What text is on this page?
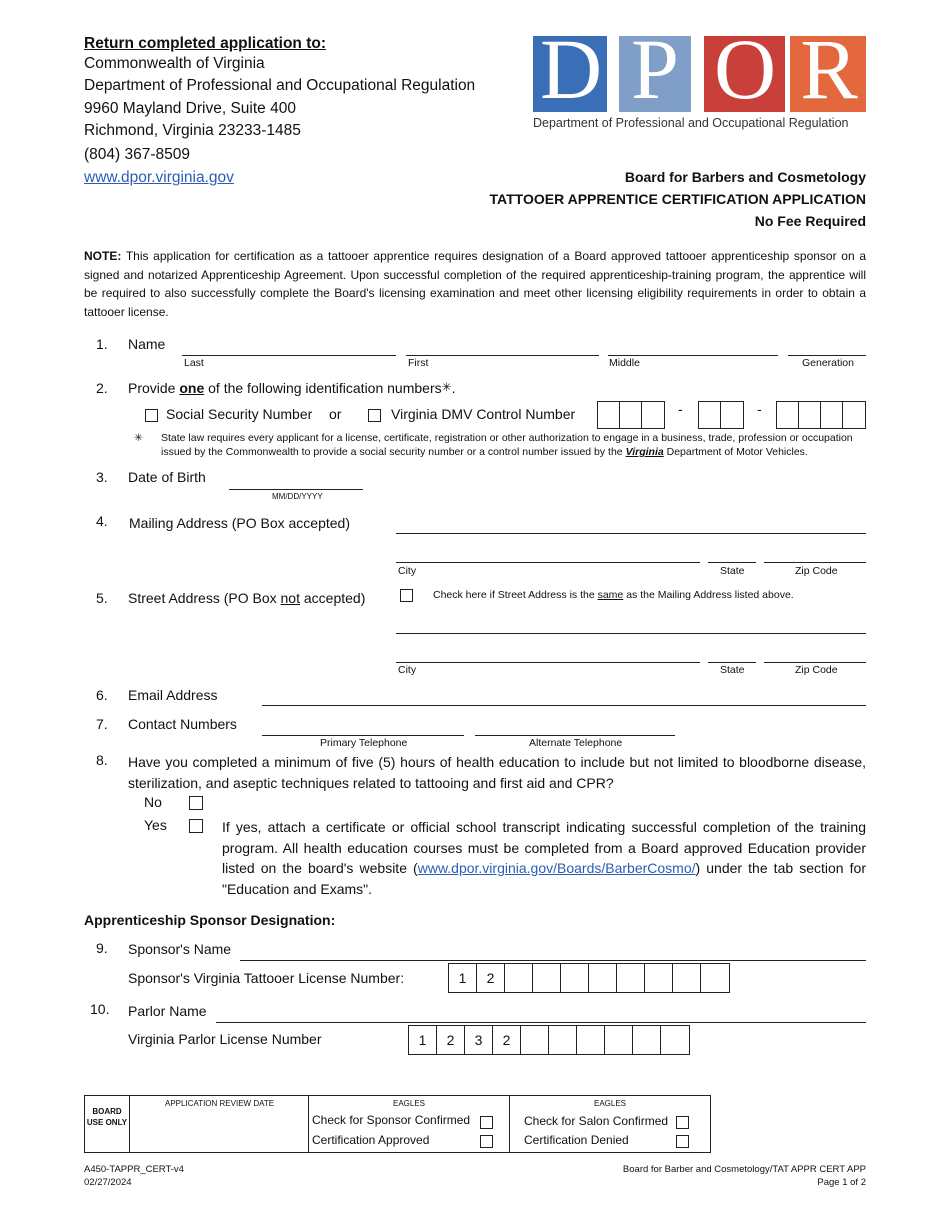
Return completed application to:
Commonwealth of Virginia
Department of Professional and Occupational Regulation
9960 Mayland Drive, Suite 400
Richmond, Virginia 23233-1485
(804) 367-8509
www.dpor.virginia.gov
D P O R
Department of Professional and Occupational Regulation
Board for Barbers and Cosmetology
TATTOOER APPRENTICE CERTIFICATION APPLICATION
No Fee Required
NOTE: This application for certification as a tattooer apprentice requires designation of a Board approved tattooer apprenticeship sponsor on a signed and notarized Apprenticeship Agreement. Upon successful completion of the required apprenticeship-training program, the apprentice will be required to also successfully complete the Board's licensing examination and meet other licensing eligibility requirements in order to obtain a tattooer license.
1. Name
Last	First	Middle	Generation
2. Provide one of the following identification numbers✳.
Social Security Number or	Virginia DMV Control Number	-	-
✳ State law requires every applicant for a license, certificate, registration or other authorization to engage in a business, trade, profession or occupation issued by the Commonwealth to provide a social security number or a control number issued by the Virginia Department of Motor Vehicles.
3. Date of Birth
MM/DD/YYYY
4. Mailing Address (PO Box accepted)
City	State	Zip Code
5. Street Address (PO Box not accepted)	Check here if Street Address is the same as the Mailing Address listed above.
City	State	Zip Code
6. Email Address
7. Contact Numbers
Primary Telephone	Alternate Telephone
8. Have you completed a minimum of five (5) hours of health education to include but not limited to bloodborne disease, sterilization, and aseptic techniques related to tattooing and first aid and CPR?
No
Yes	If yes, attach a certificate or official school transcript indicating successful completion of the training program. All health education courses must be completed from a Board approved Education provider listed on the board's website (www.dpor.virginia.gov/Boards/BarberCosmo/) under the tab section for "Education and Exams".
Apprenticeship Sponsor Designation:
9. Sponsor's Name
Sponsor's Virginia Tattooer License Number:	1	2
10. Parlor Name
Virginia Parlor License Number	1	2	3	2
BOARD USE ONLY
APPLICATION REVIEW DATE	EAGLES
Check for Sponsor Confirmed
Certification Approved
EAGLES
Check for Salon Confirmed
Certification Denied
A450-TAPPR_CERT-v4
02/27/2024
Board for Barber and Cosmetology/TAT APPR CERT APP
Page 1 of 2
